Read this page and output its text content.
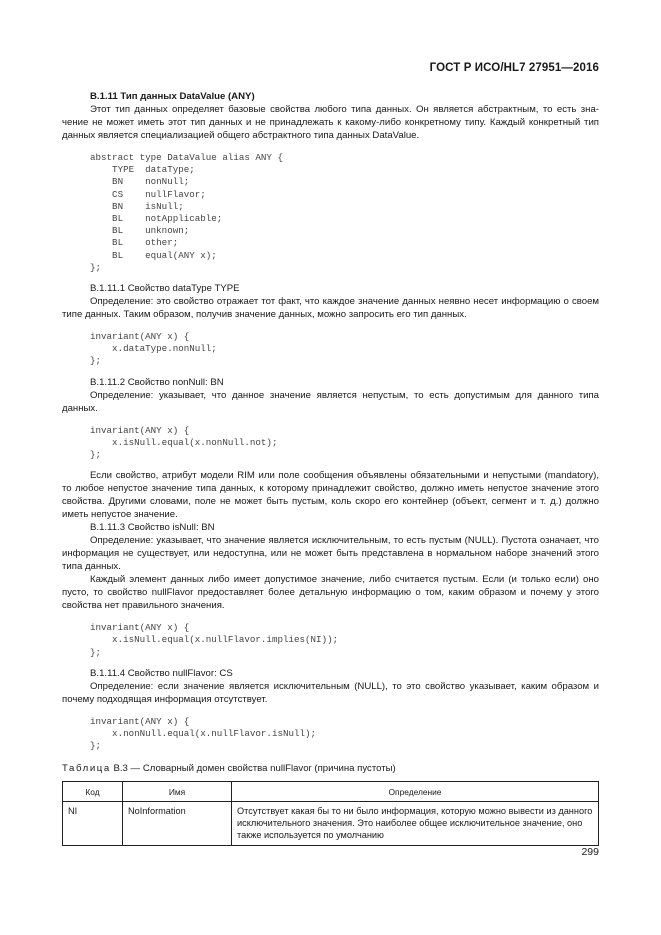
ГОСТ Р ИСО/HL7 27951—2016
В.1.11 Тип данных DataValue (ANY)

Этот тип данных определяет базовые свойства любого типа данных. Он является абстрактным, то есть зна-чение не может иметь этот тип данных и не принадлежать к какому-либо конкретному типу. Каждый конкретный тип данных является специализацией общего абстрактного типа данных DataValue.

abstract type DataValue alias ANY {
TYPE  dataType;
BN    nonNull;
CS    nullFlavor;
BN    isNull;
BL    notApplicable;
BL    unknown;
BL    other;
BL    equal(ANY x);
};
В.1.11.1 Свойство dataType TYPE

Определение: это свойство отражает тот факт, что каждое значение данных неявно несет информацию о своем типе данных. Таким образом, получив значение данных, можно запросить его тип данных.

invariant(ANY x) {
x.dataType.nonNull;
};
В.1.11.2 Свойство nonNull: BN

Определение: указывает, что данное значение является непустым, то есть допустимым для данного типа данных.

invariant(ANY x) {
x.isNull.equal(x.nonNull.not);
};

Если свойство, атрибут модели RIM или поле сообщения объявлены обязательными и непустыми (mandatory), то любое непустое значение типа данных, к которому принадлежит свойство, должно иметь непустое значение этого свойства. Другими словами, поле не может быть пустым, коль скоро его контейнер (объект, сегмент и т. д.) должно иметь непустое значение.

В.1.11.3 Свойство isNull: BN

Определение: указывает, что значение является исключительным, то есть пустым (NULL). Пустота означает, что информация не существует, или недоступна, или не может быть представлена в нормальном наборе значений этого типа данных.

Каждый элемент данных либо имеет допустимое значение, либо считается пустым. Если (и только если) оно пусто, то свойство nullFlavor предоставляет более детальную информацию о том, каким образом и почему у этого свойства нет правильного значения.

invariant(ANY x) {
x.isNull.equal(x.nullFlavor.implies(NI));
};
В.1.11.4 Свойство nullFlavor: CS

Определение: если значение является исключительным (NULL), то это свойство указывает, каким образом и почему подходящая информация отсутствует.

invariant(ANY x) {
x.nonNull.equal(x.nullFlavor.isNull);
};
Таблица В.3 — Словарный домен свойства nullFlavor (причина пустоты)
Код	Имя	Определение
NI	NoInformation	Отсутствует какая бы то ни было информация, которую можно вывести из данного исключительного значения. Это наиболее общее исключительное значение, оно также используется по умолчанию
299
